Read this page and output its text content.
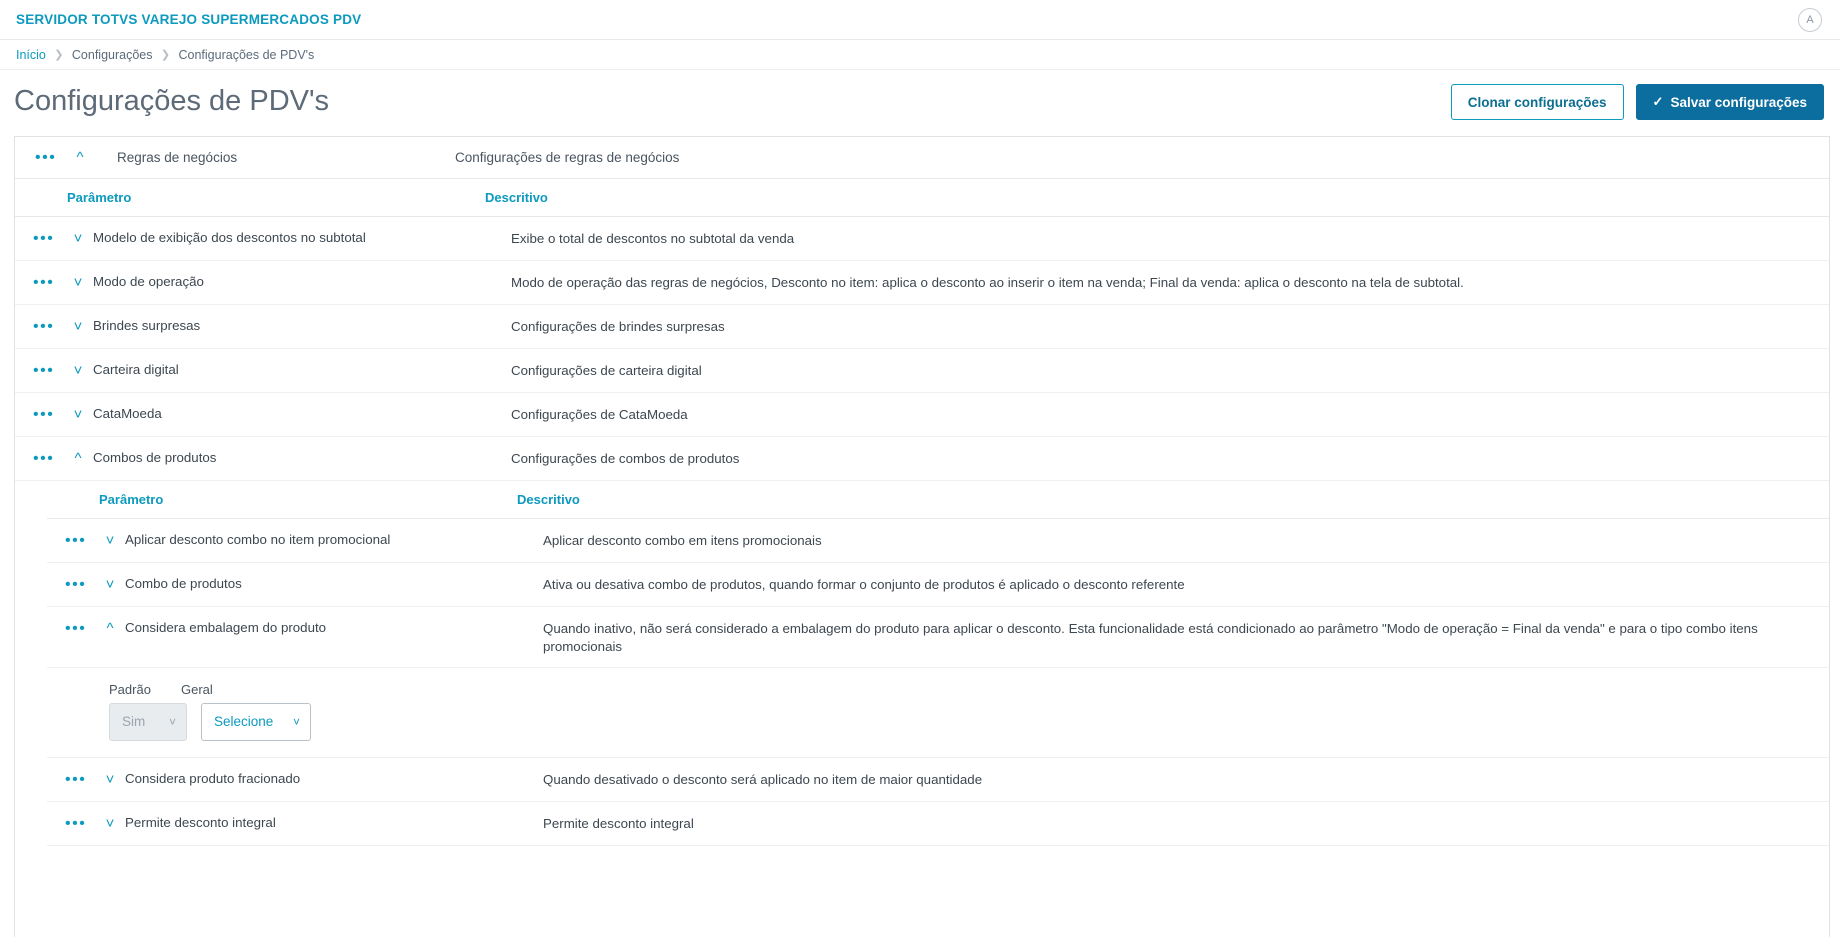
SERVIDOR TOTVS VAREJO SUPERMERCADOS PDV	A
Início ❯ Configurações ❯ Configurações de PDV's
Configurações de PDV's	Clonar configurações	✓ Salvar configurações
•••	^	Regras de negócios	Configurações de regras de negócios
Parâmetro	Descritivo
•••	˅ Modelo de exibição dos descontos no subtotal	Exibe o total de descontos no subtotal da venda
•••	˅ Modo de operação	Modo de operação das regras de negócios, Desconto no item: aplica o desconto ao inserir o item na venda; Final da venda: aplica o desconto na tela de subtotal.
•••	˅ Brindes surpresas	Configurações de brindes surpresas
•••	˅ Carteira digital	Configurações de carteira digital
•••	˅ CataMoeda	Configurações de CataMoeda
•••	^ Combos de produtos	Configurações de combos de produtos
Parâmetro	Descritivo
•••	˅ Aplicar desconto combo no item promocional	Aplicar desconto combo em itens promocionais
•••	˅ Combo de produtos	Ativa ou desativa combo de produtos, quando formar o conjunto de produtos é aplicado o desconto referente
•••	^ Considera embalagem do produto	Quando inativo, não será considerado a embalagem do produto para aplicar o desconto. Esta funcionalidade está condicionado ao parâmetro "Modo de operação = Final da venda" e para o tipo combo itens promocionais
Padrão	Geral
Sim ˅	Selecione ˅
•••	˅ Considera produto fracionado	Quando desativado o desconto será aplicado no item de maior quantidade
•••	˅ Permite desconto integral	Permite desconto integral
